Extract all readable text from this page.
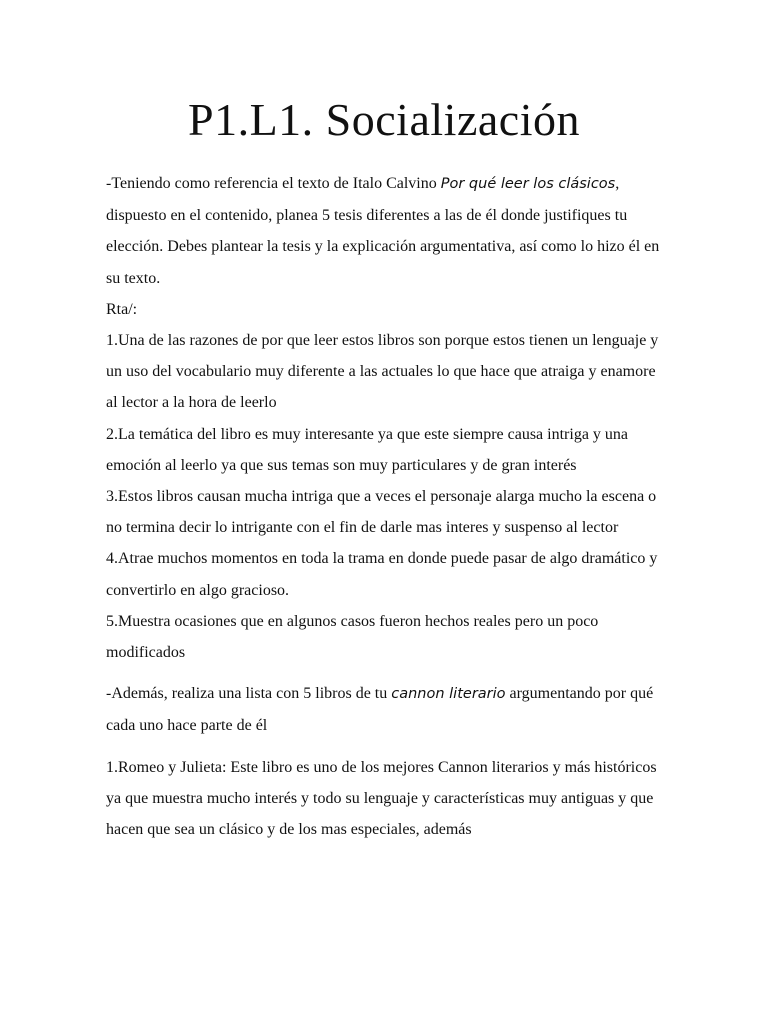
P1.L1. Socialización

-Teniendo como referencia el texto de Italo Calvino Por qué leer los clásicos, dispuesto en el contenido, planea 5 tesis diferentes a las de él donde justifiques tu elección. Debes plantear la tesis y la explicación argumentativa, así como lo hizo él en su texto.

Rta/:

1.Una de las razones de por que leer estos libros son porque estos tienen un lenguaje y un uso del vocabulario muy diferente a las actuales lo que hace que atraiga y enamore al lector a la hora de leerlo

2.La temática del libro es muy interesante ya que este siempre causa intriga y una emoción al leerlo ya que sus temas son muy particulares y de gran interés

3.Estos libros causan mucha intriga que a veces el personaje alarga mucho la escena o no termina decir lo intrigante con el fin de darle mas interes y suspenso al lector

4.Atrae muchos momentos en toda la trama en donde puede pasar de algo dramático y convertirlo en algo gracioso.

5.Muestra ocasiones que en algunos casos fueron hechos reales pero un poco modificados

-Además, realiza una lista con 5 libros de tu cannon literario argumentando por qué cada uno hace parte de él

1.Romeo y Julieta: Este libro es uno de los mejores Cannon literarios y más históricos ya que muestra mucho interés y todo su lenguaje y características muy antiguas y que hacen que sea un clásico y de los mas especiales, además
